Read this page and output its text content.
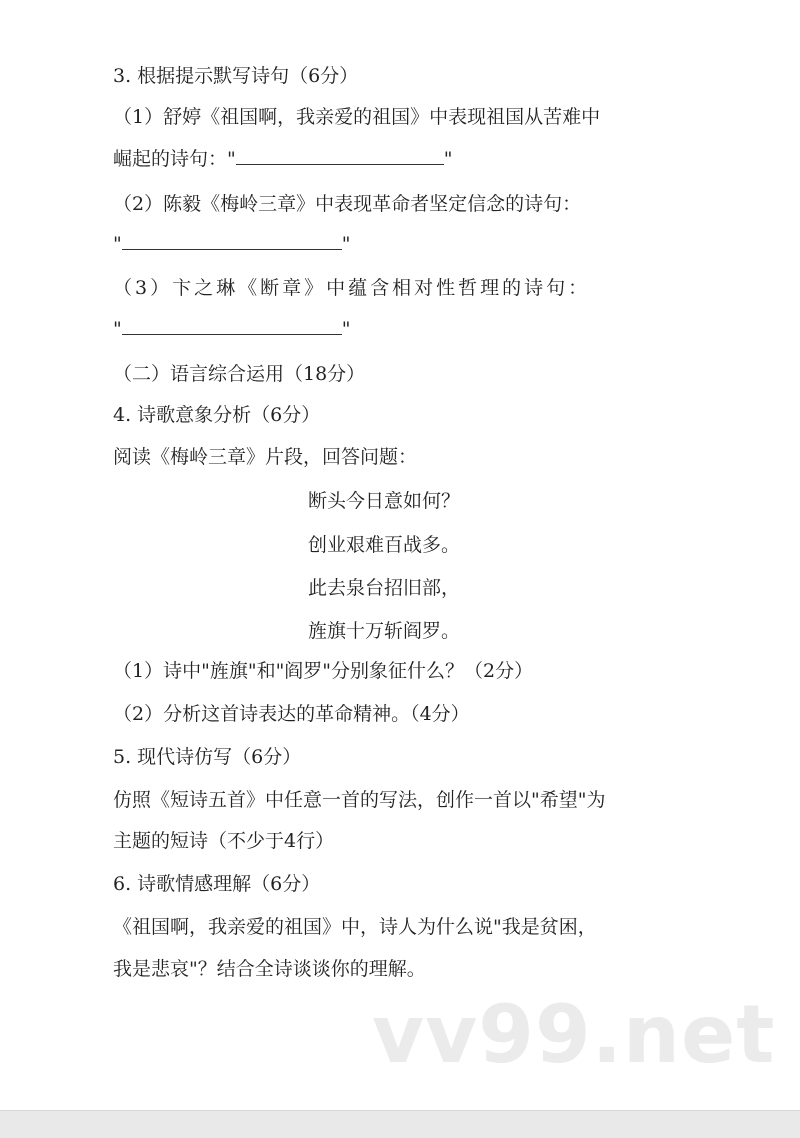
3. 根据提示默写诗句（6分）
（1）舒婷《祖国啊，我亲爱的祖国》中表现祖国从苦难中
崛起的诗句："	"
（2）陈毅《梅岭三章》中表现革命者坚定信念的诗句：
"	"
（3）卞之琳《断章》中蕴含相对性哲理的诗句：
"	"
（二）语言综合运用（18分）
4. 诗歌意象分析（6分）
阅读《梅岭三章》片段，回答问题：
断头今日意如何？
创业艰难百战多。
此去泉台招旧部，
旌旗十万斩阎罗。
（1）诗中"旌旗"和"阎罗"分别象征什么？（2分）
（2）分析这首诗表达的革命精神。（4分）
5. 现代诗仿写（6分）
仿照《短诗五首》中任意一首的写法，创作一首以"希望"为
主题的短诗（不少于4行）
6. 诗歌情感理解（6分）
《祖国啊，我亲爱的祖国》中，诗人为什么说"我是贫困，
我是悲哀"？结合全诗谈谈你的理解。
vv99.net
